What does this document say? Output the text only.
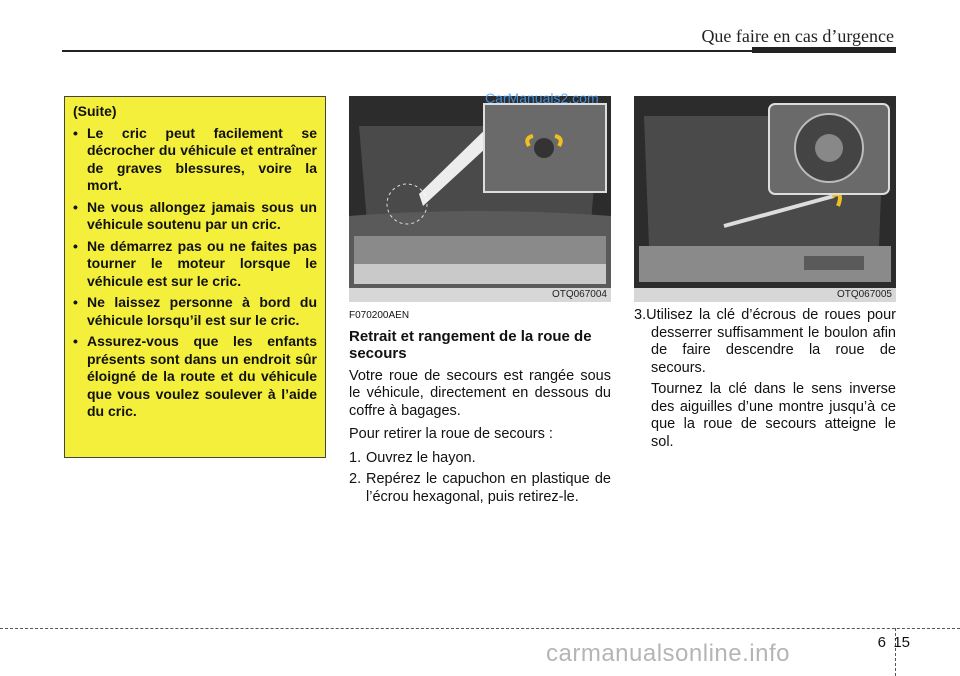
Que faire en cas d’urgence
(Suite)
• Le cric peut facilement se décrocher du véhicule et entraîner de graves blessures, voire la mort.
• Ne vous allongez jamais sous un véhicule soutenu par un cric.
• Ne démarrez pas ou ne faites pas tourner le moteur lorsque le véhicule est sur le cric.
• Ne laissez personne à bord du véhicule lorsqu’il est sur le cric.
• Assurez-vous que les enfants présents sont dans un endroit sûr éloigné de la route et du véhicule que vous voulez soulever à l’aide du cric.
OTQ067004
CarManuals2.com
OTQ067005
F070200AEN
Retrait et rangement de la roue de secours
Votre roue de secours est rangée sous le véhicule, directement en dessous du coffre à bagages.
Pour retirer la roue de secours :
1. Ouvrez le hayon.
2. Repérez le capuchon en plastique de l’écrou hexagonal, puis retirez-le.
3.Utilisez la clé d’écrous de roues pour desserrer suffisamment le boulon afin de faire descendre la roue de secours.
Tournez la clé dans le sens inverse des aiguilles d’une montre jusqu’à ce que la roue de secours atteigne le sol.
6 15
carmanualsonline.info
